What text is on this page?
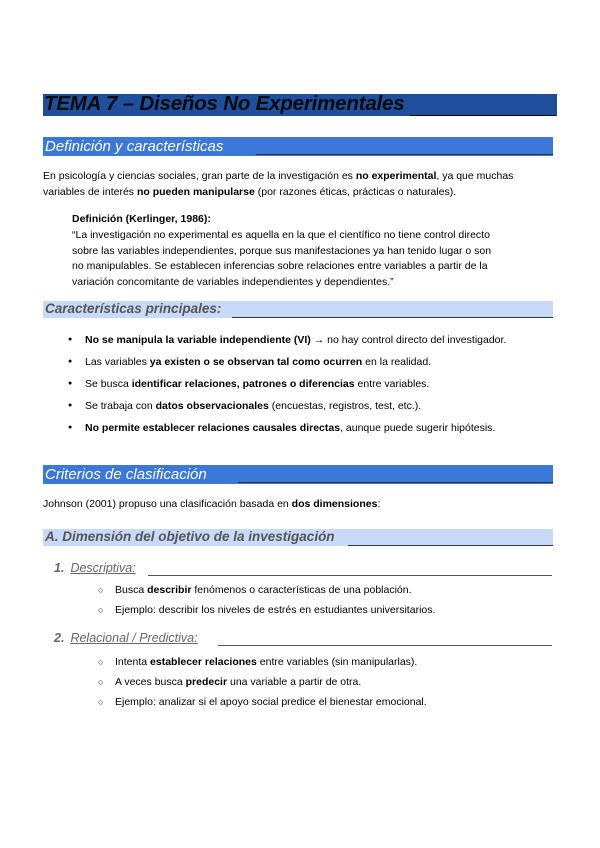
TEMA 7 – Diseños No Experimentales
Definición y características
En psicología y ciencias sociales, gran parte de la investigación es no experimental, ya que muchas
variables de interés no pueden manipularse (por razones éticas, prácticas o naturales).
Definición (Kerlinger, 1986):
“La investigación no experimental es aquella en la que el científico no tiene control directo
sobre las variables independientes, porque sus manifestaciones ya han tenido lugar o son
no manipulables. Se establecen inferencias sobre relaciones entre variables a partir de la
variación concomitante de variables independientes y dependientes.”
Características principales:
● No se manipula la variable independiente (VI) → no hay control directo del investigador.
● Las variables ya existen o se observan tal como ocurren en la realidad.
● Se busca identificar relaciones, patrones o diferencias entre variables.
● Se trabaja con datos observacionales (encuestas, registros, test, etc.).
● No permite establecer relaciones causales directas, aunque puede sugerir hipótesis.
Criterios de clasificación
Johnson (2001) propuso una clasificación basada en dos dimensiones:
A. Dimensión del objetivo de la investigación
1. Descriptiva:
○ Busca describir fenómenos o características de una población.
○ Ejemplo: describir los niveles de estrés en estudiantes universitarios.
2. Relacional / Predictiva:
○ Intenta establecer relaciones entre variables (sin manipularlas).
○ A veces busca predecir una variable a partir de otra.
○ Ejemplo: analizar si el apoyo social predice el bienestar emocional.
